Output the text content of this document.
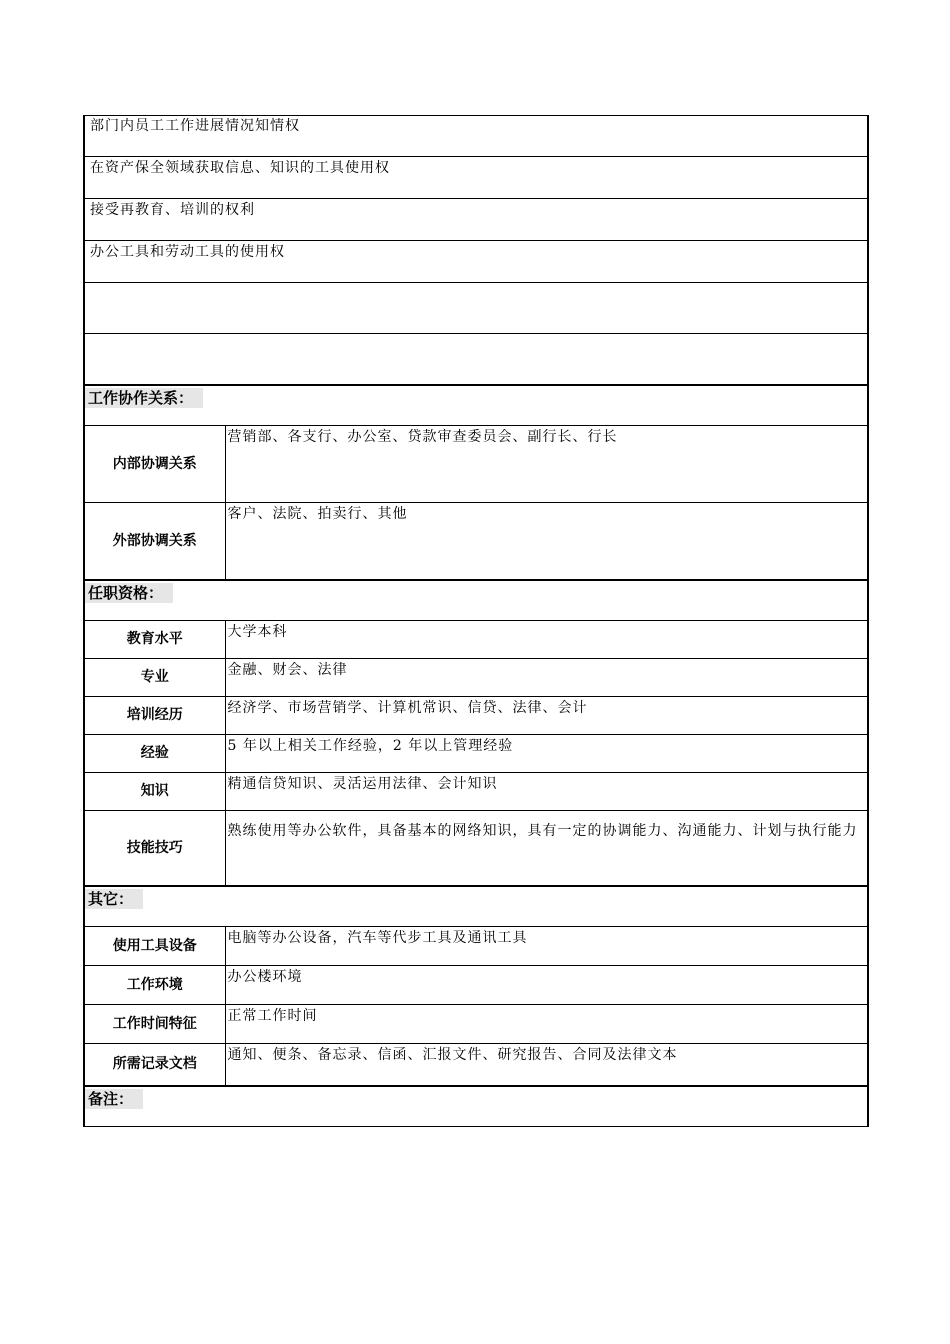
部门内员工工作进展情况知情权	
在资产保全领域获取信息、知识的工具使用权	
接受再教育、培训的权利	
办公工具和劳动工具的使用权	

工作协作关系：	
内部协调关系	营销部、各支行、办公室、贷款审查委员会、副行长、行长
外部协调关系	客户、法院、拍卖行、其他
任职资格：	
教育水平	大学本科
专业	金融、财会、法律
培训经历	经济学、市场营销学、计算机常识、信贷、法律、会计
经验	5 年以上相关工作经验，2 年以上管理经验
知识	精通信贷知识、灵活运用法律、会计知识
技能技巧	熟练使用等办公软件，具备基本的网络知识，具有一定的协调能力、沟通能力、计划与执行能力
其它：	
使用工具设备	电脑等办公设备，汽车等代步工具及通讯工具
工作环境	办公楼环境
工作时间特征	正常工作时间
所需记录文档	通知、便条、备忘录、信函、汇报文件、研究报告、合同及法律文本
备注：	
